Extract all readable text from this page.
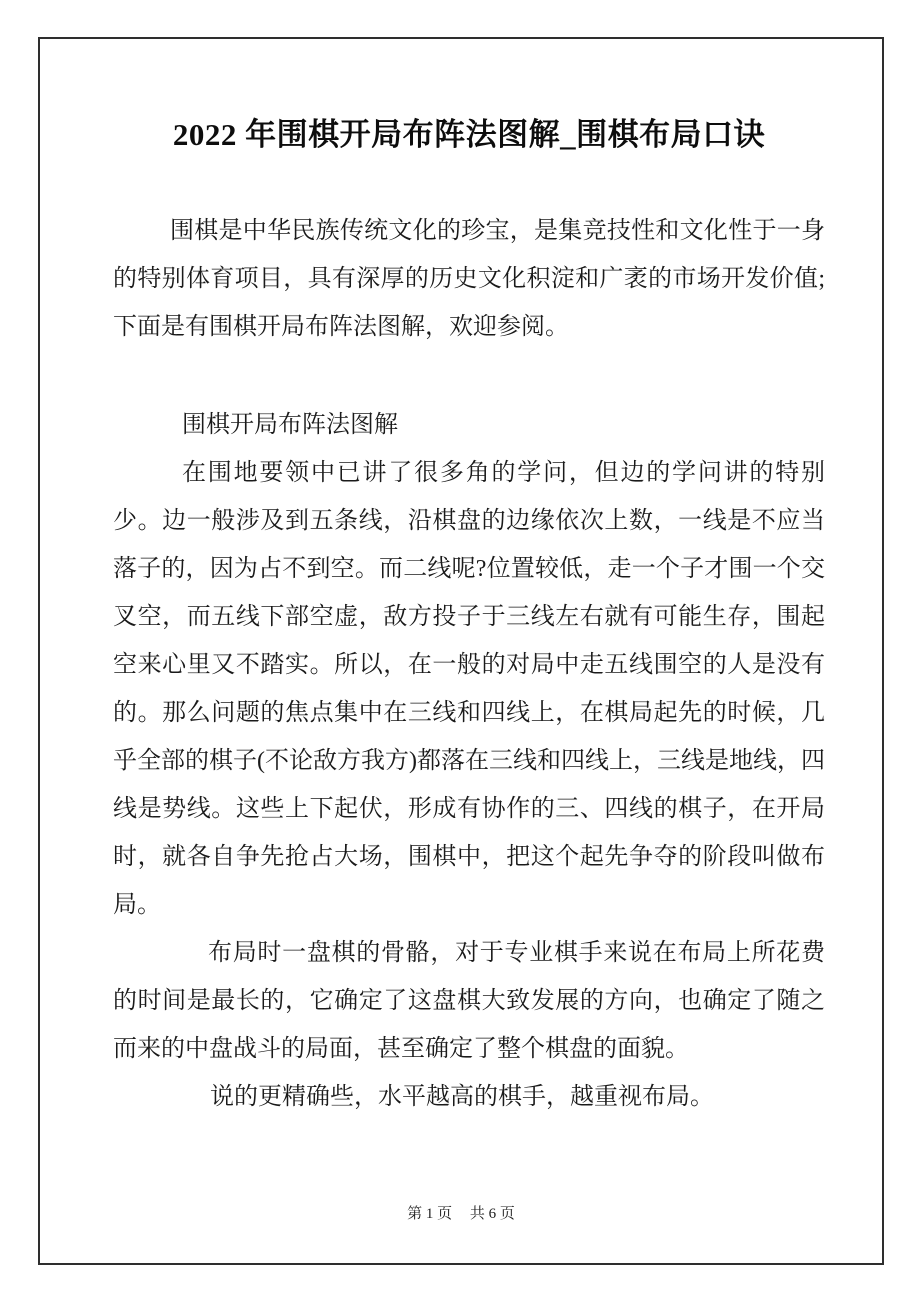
2022 年围棋开局布阵法图解_围棋布局口诀

围棋是中华民族传统文化的珍宝，是集竞技性和文化性于一身的特别体育项目，具有深厚的历史文化积淀和广袤的市场开发价值;下面是有围棋开局布阵法图解，欢迎参阅。

围棋开局布阵法图解

在围地要领中已讲了很多角的学问，但边的学问讲的特别少。边一般涉及到五条线，沿棋盘的边缘依次上数，一线是不应当落子的，因为占不到空。而二线呢?位置较低，走一个子才围一个交叉空，而五线下部空虚，敌方投子于三线左右就有可能生存，围起空来心里又不踏实。所以，在一般的对局中走五线围空的人是没有的。那么问题的焦点集中在三线和四线上，在棋局起先的时候，几乎全部的棋子(不论敌方我方)都落在三线和四线上，三线是地线，四线是势线。这些上下起伏，形成有协作的三、四线的棋子，在开局时，就各自争先抢占大场，围棋中，把这个起先争夺的阶段叫做布局。

布局时一盘棋的骨骼，对于专业棋手来说在布局上所花费的时间是最长的，它确定了这盘棋大致发展的方向，也确定了随之而来的中盘战斗的局面，甚至确定了整个棋盘的面貌。

说的更精确些，水平越高的棋手，越重视布局。

第 1 页 共 6 页
